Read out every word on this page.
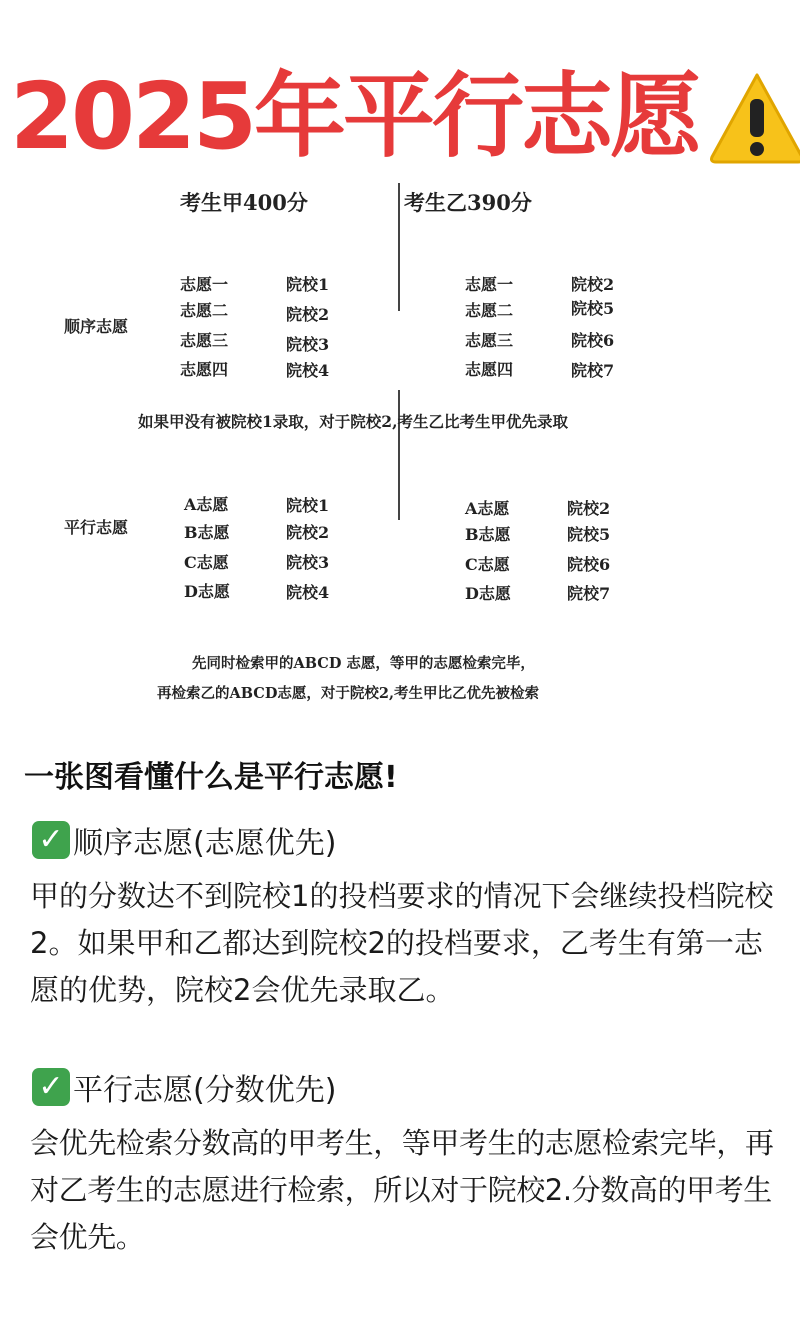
2025年平行志愿
考生甲400分	考生乙390分
顺序志愿
志愿一	院校1
志愿二	院校2
志愿三	院校3
志愿四	院校4
志愿一	院校2
志愿二	院校5
志愿三	院校6
志愿四	院校7
如果甲没有被院校1录取，对于院校2,考生乙比考生甲优先录取
平行志愿
A志愿	院校1
B志愿	院校2
C志愿	院校3
D志愿	院校4
A志愿	院校2
B志愿	院校5
C志愿	院校6
D志愿	院校7
先同时检索甲的ABCD 志愿，等甲的志愿检索完毕，
再检索乙的ABCD志愿，对于院校2,考生甲比乙优先被检索
一张图看懂什么是平行志愿!
✓ 顺序志愿(志愿优先)
甲的分数达不到院校1的投档要求的情况下会继续投档院校2。如果甲和乙都达到院校2的投档要求，乙考生有第一志愿的优势，院校2会优先录取乙。
✓ 平行志愿(分数优先)
会优先检索分数高的甲考生，等甲考生的志愿检索完毕，再对乙考生的志愿进行检索，所以对于院校2.分数高的甲考生会优先。
